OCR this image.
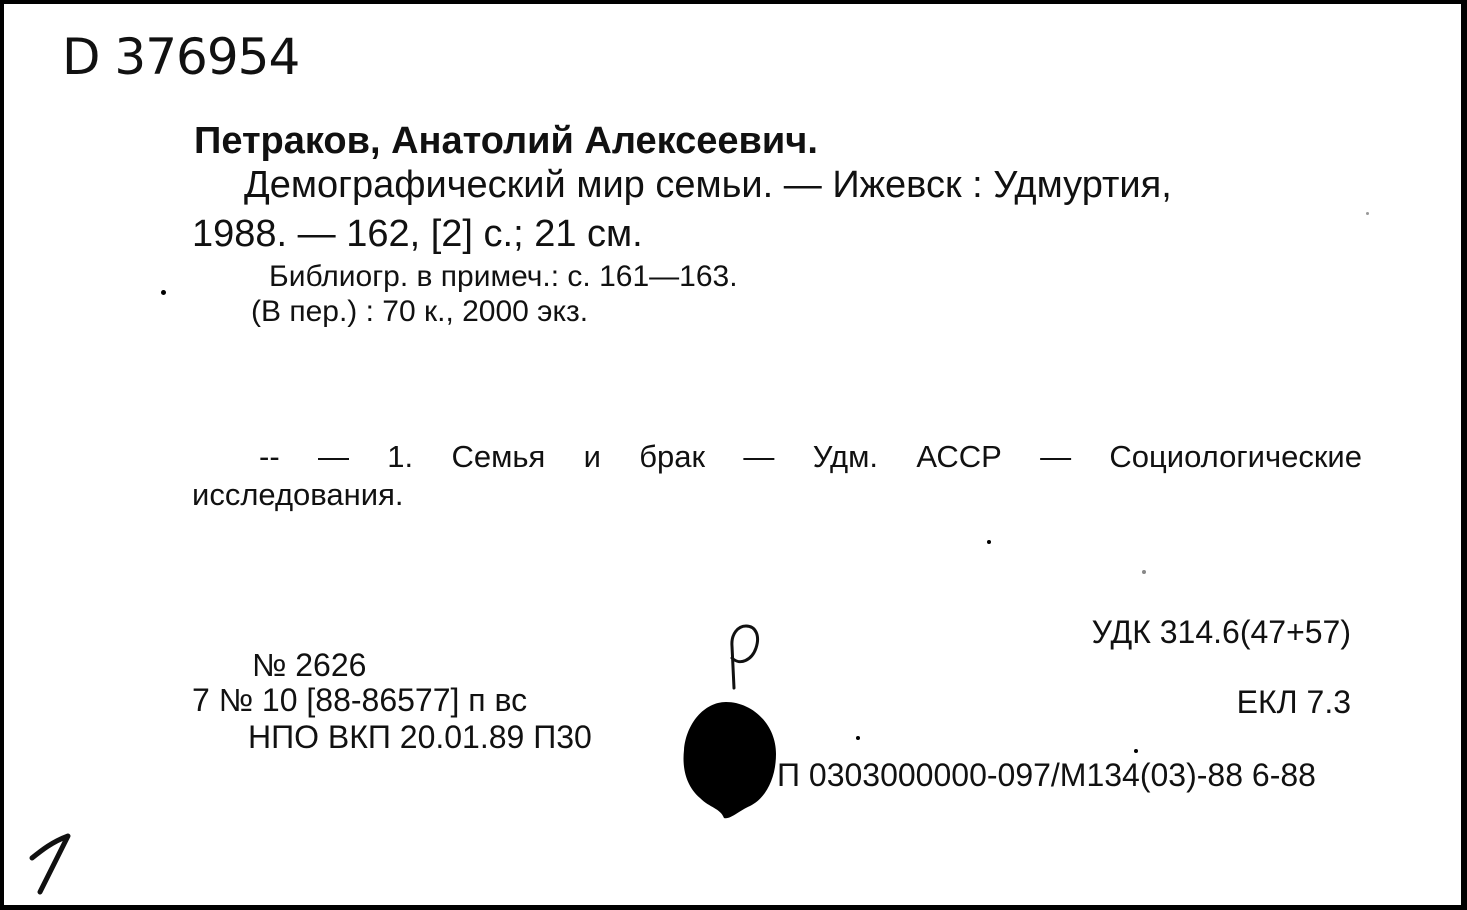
D 376954
Петраков, Анатолий Алексеевич.
Демографический мир семьи. — Ижевск : Удмуртия,
1988. — 162, [2] с.; 21 см.
Библиогр. в примеч.: с. 161—163.
(В пер.) : 70 к., 2000 экз.
-- — 1. Семья и брак — Удм. АССР — Социологические
исследования.
УДК 314.6(47+57)
ЕКЛ 7.3
П 0303000000-097/М134(03)-88 6-88
№ 2626
7 № 10 [88-86577] п вс
НПО ВКП 20.01.89 П30
